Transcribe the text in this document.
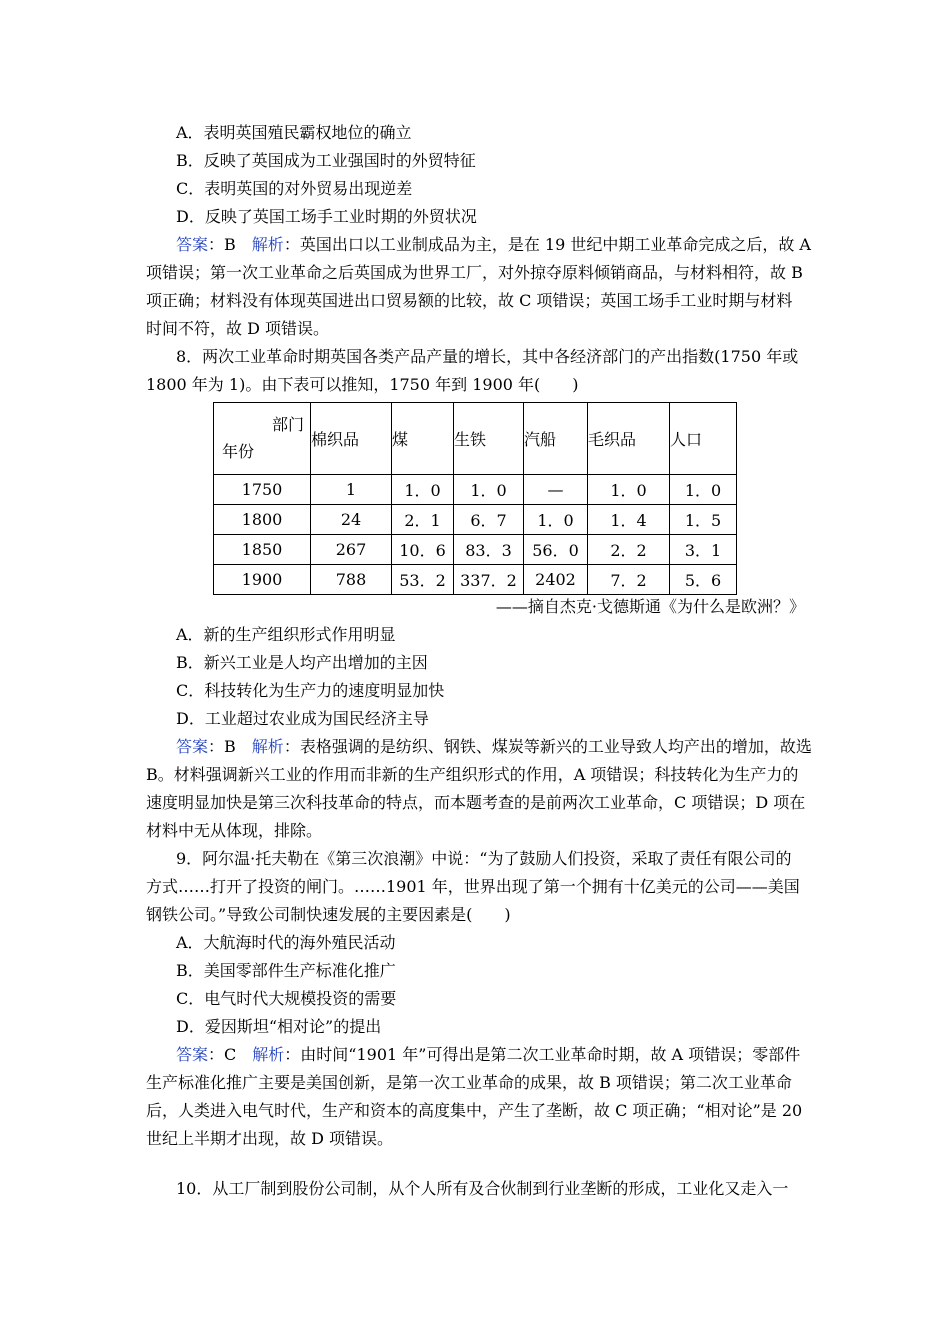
A．表明英国殖民霸权地位的确立
B．反映了英国成为工业强国时的外贸特征
C．表明英国的对外贸易出现逆差
D．反映了英国工场手工业时期的外贸状况
答案：B　 解析：英国出口以工业制成品为主，是在 19 世纪中期工业革命完成之后，故 A
项错误；第一次工业革命之后英国成为世界工厂，对外掠夺原料倾销商品，与材料相符，故 B
项正确；材料没有体现英国进出口贸易额的比较，故 C 项错误；英国工场手工业时期与材料
时间不符，故 D 项错误。
8．两次工业革命时期英国各类产品产量的增长，其中各经济部门的产出指数(1750 年或
1800 年为 1)。由下表可以推知，1750 年到 1900 年(　　)
部门
年份	棉织品	煤	生铁	汽船	毛织品	人口
1750	1	1．0	1．0	—	1．0	1．0
1800	24	2．1	6．7	1．0	1．4	1．5
1850	267	10．6	83．3	56．0	2．2	3．1
1900	788	53．2	337．2	2402	7．2	5．6
——摘自杰克·戈德斯通《为什么是欧洲？》
A．新的生产组织形式作用明显
B．新兴工业是人均产出增加的主因
C．科技转化为生产力的速度明显加快
D．工业超过农业成为国民经济主导
答案：B　 解析：表格强调的是纺织、钢铁、煤炭等新兴的工业导致人均产出的增加，故选
B。材料强调新兴工业的作用而非新的生产组织形式的作用，A 项错误；科技转化为生产力的
速度明显加快是第三次科技革命的特点，而本题考查的是前两次工业革命，C 项错误；D 项在
材料中无从体现，排除。
9．阿尔温·托夫勒在《第三次浪潮》中说：“为了鼓励人们投资，采取了责任有限公司的
方式……打开了投资的闸门。……1901 年，世界出现了第一个拥有十亿美元的公司——美国
钢铁公司。”导致公司制快速发展的主要因素是(　　)
A．大航海时代的海外殖民活动
B．美国零部件生产标准化推广
C．电气时代大规模投资的需要
D．爱因斯坦“相对论”的提出
答案：C　 解析：由时间“1901 年”可得出是第二次工业革命时期，故 A 项错误；零部件
生产标准化推广主要是美国创新，是第一次工业革命的成果，故 B 项错误；第二次工业革命
后，人类进入电气时代，生产和资本的高度集中，产生了垄断，故 C 项正确；“相对论”是 20
世纪上半期才出现，故 D 项错误。
10．从工厂制到股份公司制，从个人所有及合伙制到行业垄断的形成，工业化又走入一
